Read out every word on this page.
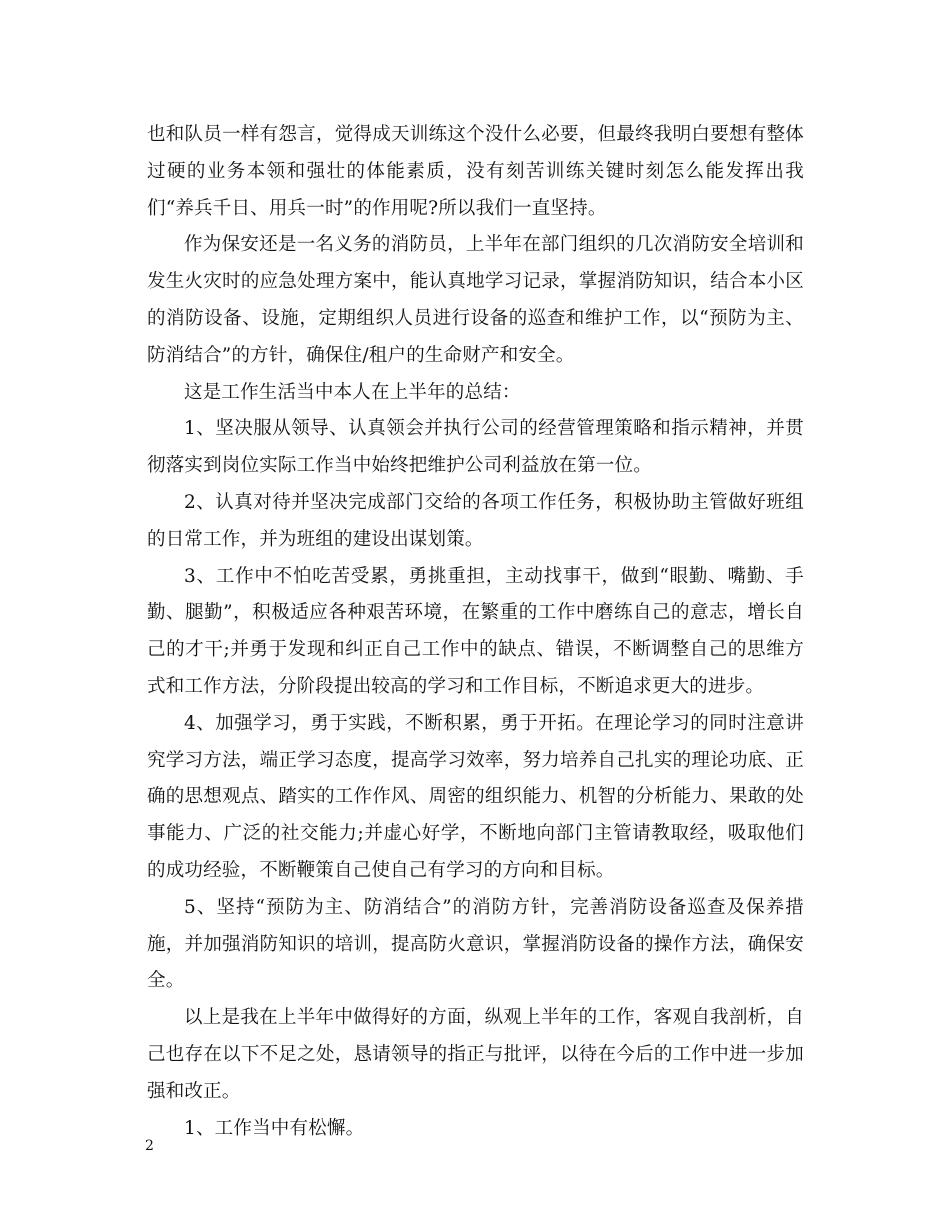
也和队员一样有怨言，觉得成天训练这个没什么必要，但最终我明白要想有整体过硬的业务本领和强壮的体能素质，没有刻苦训练关键时刻怎么能发挥出我们“养兵千日、用兵一时”的作用呢?所以我们一直坚持。

作为保安还是一名义务的消防员，上半年在部门组织的几次消防安全培训和发生火灾时的应急处理方案中，能认真地学习记录，掌握消防知识，结合本小区的消防设备、设施，定期组织人员进行设备的巡查和维护工作，以“预防为主、防消结合”的方针，确保住/租户的生命财产和安全。

这是工作生活当中本人在上半年的总结：

1、坚决服从领导、认真领会并执行公司的经营管理策略和指示精神，并贯彻落实到岗位实际工作当中始终把维护公司利益放在第一位。

2、认真对待并坚决完成部门交给的各项工作任务，积极协助主管做好班组的日常工作，并为班组的建设出谋划策。

3、工作中不怕吃苦受累，勇挑重担，主动找事干，做到“眼勤、嘴勤、手勤、腿勤”，积极适应各种艰苦环境，在繁重的工作中磨练自己的意志，增长自己的才干;并勇于发现和纠正自己工作中的缺点、错误，不断调整自己的思维方式和工作方法，分阶段提出较高的学习和工作目标，不断追求更大的进步。

4、加强学习，勇于实践，不断积累，勇于开拓。在理论学习的同时注意讲究学习方法，端正学习态度，提高学习效率，努力培养自己扎实的理论功底、正确的思想观点、踏实的工作作风、周密的组织能力、机智的分析能力、果敢的处事能力、广泛的社交能力;并虚心好学，不断地向部门主管请教取经，吸取他们的成功经验，不断鞭策自己使自己有学习的方向和目标。

5、坚持“预防为主、防消结合”的消防方针，完善消防设备巡查及保养措施，并加强消防知识的培训，提高防火意识，掌握消防设备的操作方法，确保安全。

以上是我在上半年中做得好的方面，纵观上半年的工作，客观自我剖析，自己也存在以下不足之处，恳请领导的指正与批评，以待在今后的工作中进一步加强和改正。

1、工作当中有松懈。

2
